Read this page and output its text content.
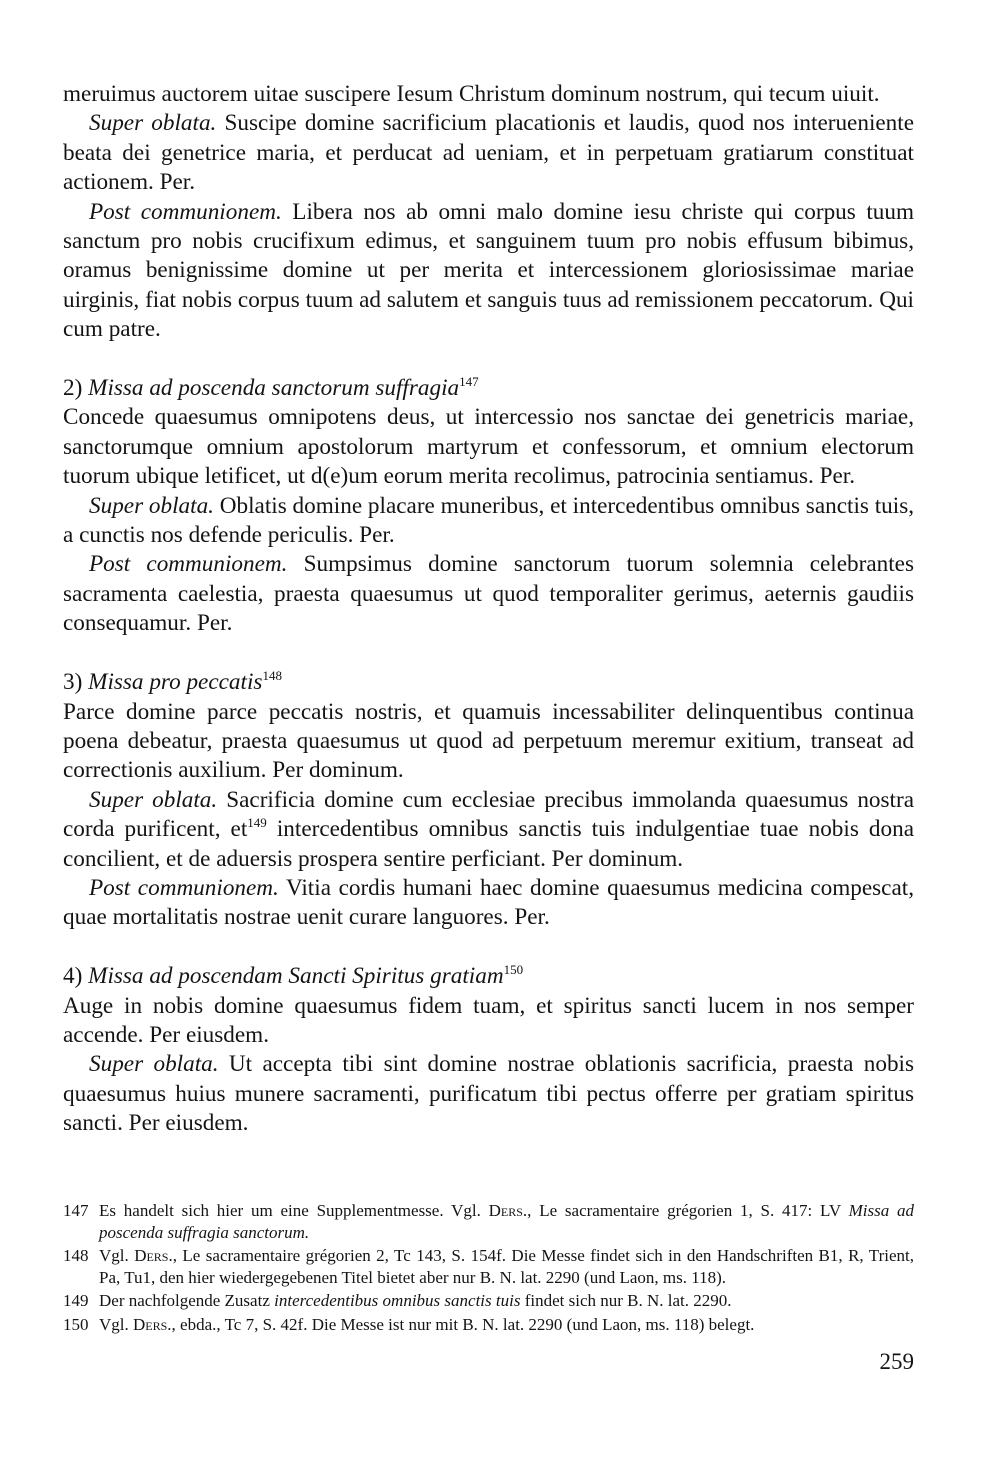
meruimus auctorem uitae suscipere Iesum Christum dominum nostrum, qui tecum uiuit.

Super oblata. Suscipe domine sacrificium placationis et laudis, quod nos interueniente beata dei genetrice maria, et perducat ad ueniam, et in perpetuam gratiarum constituat actionem. Per.

Post communionem. Libera nos ab omni malo domine iesu christe qui corpus tuum sanctum pro nobis crucifixum edimus, et sanguinem tuum pro nobis effusum bibimus, oramus benignissime domine ut per merita et intercessionem gloriosissimae mariae uirginis, fiat nobis corpus tuum ad salutem et sanguis tuus ad remissionem peccatorum. Qui cum patre.

2) Missa ad poscenda sanctorum suffragia$^{147}$

Concede quaesumus omnipotens deus, ut intercessio nos sanctae dei genetricis mariae, sanctorumque omnium apostolorum martyrum et confessorum, et omnium electorum tuorum ubique letificet, ut d(e)um eorum merita recolimus, patrocinia sentiamus. Per.

Super oblata. Oblatis domine placare muneribus, et intercedentibus omnibus sanctis tuis, a cunctis nos defende periculis. Per.

Post communionem. Sumpsimus domine sanctorum tuorum solemnia celebrantes sacramenta caelestia, praesta quaesumus ut quod temporaliter gerimus, aeternis gaudiis consequamur. Per.

3) Missa pro peccatis$^{148}$

Parce domine parce peccatis nostris, et quamuis incessabiliter delinquentibus continua poena debeatur, praesta quaesumus ut quod ad perpetuum meremur exitium, transeat ad correctionis auxilium. Per dominum.

Super oblata. Sacrificia domine cum ecclesiae precibus immolanda quaesumus nostra corda purificent, $et^{149}$ intercedentibus omnibus sanctis tuis indulgentiae tuae nobis dona concilient, et de aduersis prospera sentire perficiant. Per dominum.

Post communionem. Vitia cordis humani haec domine quaesumus medicina compescat, quae mortalitatis nostrae uenit curare languores. Per.

4) Missa ad poscendam Sancti Spiritus gratiam$^{150}$

Auge in nobis domine quaesumus fidem tuam, et spiritus sancti lucem in nos semper accende. Per eiusdem.

Super oblata. Ut accepta tibi sint domine nostrae oblationis sacrificia, praesta nobis quaesumus huius munere sacramenti, purificatum tibi pectus offerre per gratiam spiritus sancti. Per eiusdem.

147 Es handelt sich hier um eine Supplementmesse. Vgl. Ders., Le sacramentaire grégorien 1, S. 417: LV Missa ad poscenda suffragia sanctorum.
148 Vgl. Ders., Le sacramentaire grégorien 2, Tc 143, S. 154f. Die Messe findet sich in den Handschriften B1, R, Trient, Pa, Tu1, den hier wiedergegebenen Titel bietet aber nur B. N. lat. 2290 (und Laon, ms. 118).
149 Der nachfolgende Zusatz intercedentibus omnibus sanctis tuis findet sich nur B. N. lat. 2290.
150 Vgl. Ders., ebda., Tc 7, S. 42f. Die Messe ist nur mit B. N. lat. 2290 (und Laon, ms. 118) belegt.
259
